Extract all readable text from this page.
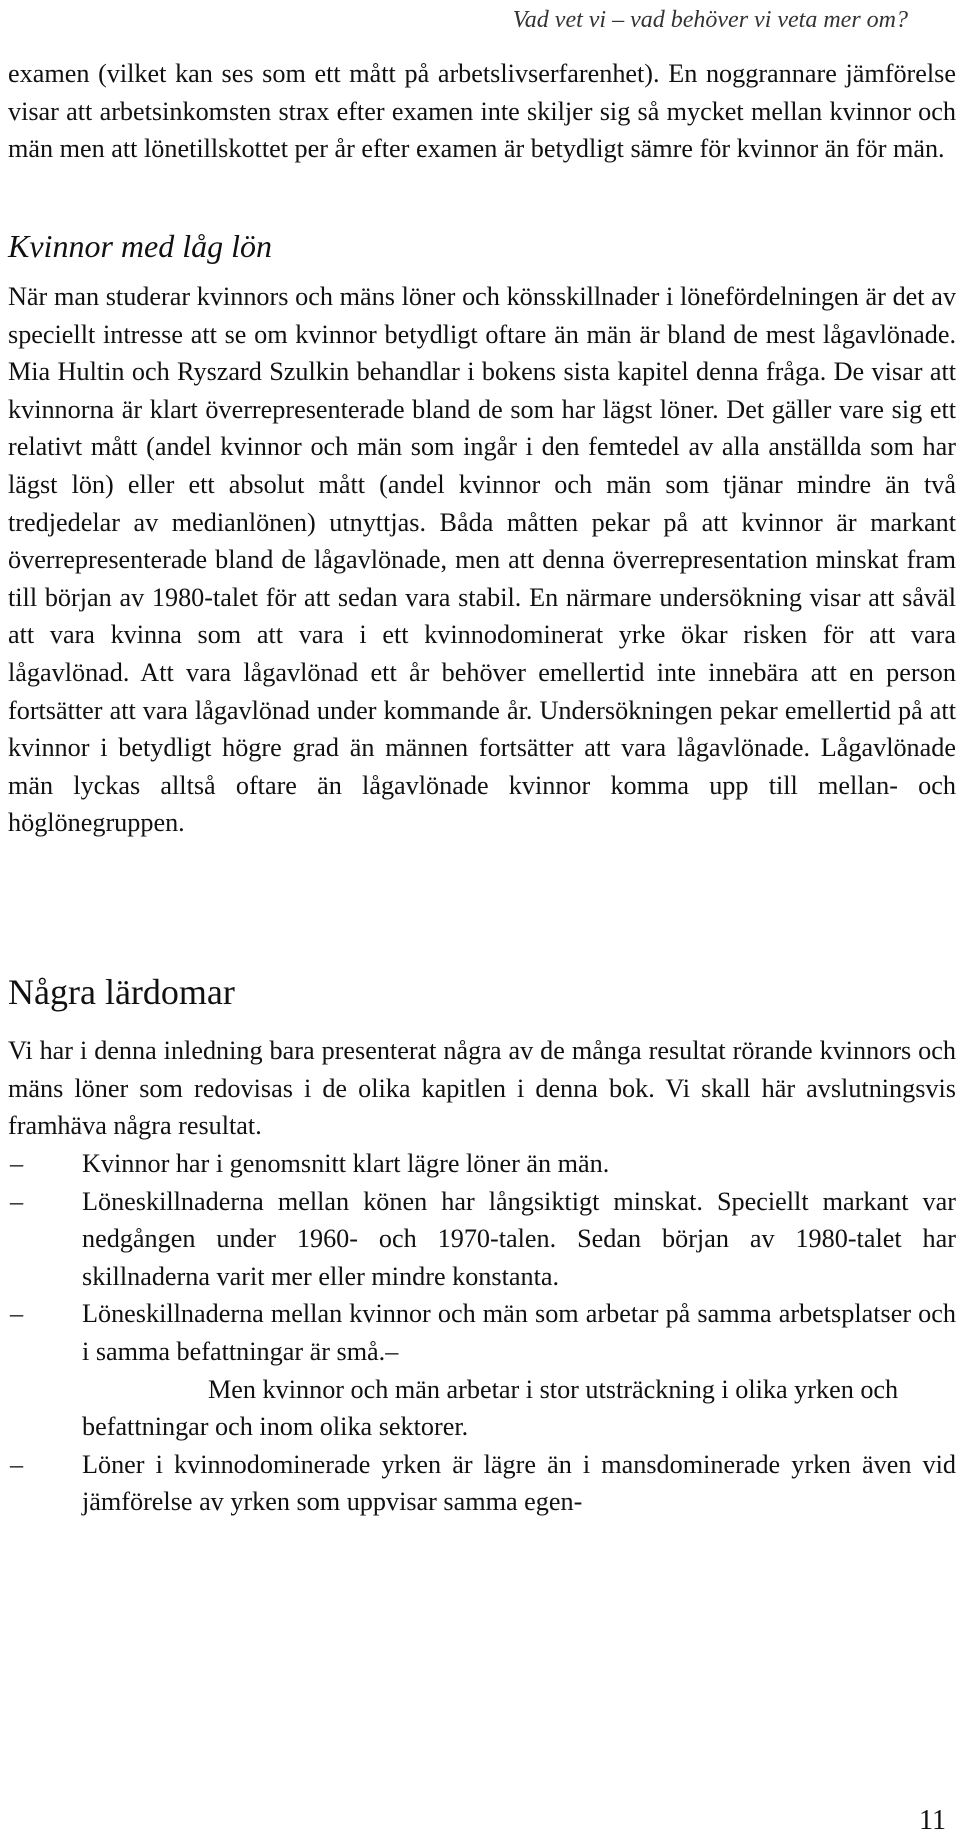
Vad vet vi – vad behöver vi veta mer om?

examen (vilket kan ses som ett mått på arbetslivserfarenhet). En noggrannare jämförelse visar att arbetsinkomsten strax efter examen inte skiljer sig så mycket mellan kvinnor och män men att lönetillskottet per år efter examen är betydligt sämre för kvinnor än för män.

Kvinnor med låg lön

När man studerar kvinnors och mäns löner och könsskillnader i lönefördelningen är det av speciellt intresse att se om kvinnor betydligt oftare än män är bland de mest lågavlönade. Mia Hultin och Ryszard Szulkin behandlar i bokens sista kapitel denna fråga. De visar att kvinnorna är klart överrepresenterade bland de som har lägst löner. Det gäller vare sig ett relativt mått (andel kvinnor och män som ingår i den femtedel av alla anställda som har lägst lön) eller ett absolut mått (andel kvinnor och män som tjänar mindre än två tredjedelar av medianlönen) utnyttjas. Båda måtten pekar på att kvinnor är markant överrepresenterade bland de lågavlönade, men att denna överrepresentation minskat fram till början av 1980-talet för att sedan vara stabil. En närmare undersökning visar att såväl att vara kvinna som att vara i ett kvinnodominerat yrke ökar risken för att vara lågavlönad. Att vara lågavlönad ett år behöver emellertid inte innebära att en person fortsätter att vara lågavlönad under kommande år. Undersökningen pekar emellertid på att kvinnor i betydligt högre grad än männen fortsätter att vara lågavlönade. Lågavlönade män lyckas alltså oftare än lågavlönade kvinnor komma upp till mellan- och höglönegruppen.

Några lärdomar

Vi har i denna inledning bara presenterat några av de många resultat rörande kvinnors och mäns löner som redovisas i de olika kapitlen i denna bok. Vi skall här avslutningsvis framhäva några resultat.

– Kvinnor har i genomsnitt klart lägre löner än män.
– Löneskillnaderna mellan könen har långsiktigt minskat. Speciellt markant var nedgången under 1960- och 1970-talen. Sedan början av 1980-talet har skillnaderna varit mer eller mindre konstanta.
– Löneskillnaderna mellan kvinnor och män som arbetar på samma arbetsplatser och i samma befattningar är små.–
Men kvinnor och män arbetar i stor utsträckning i olika yrken och befattningar och inom olika sektorer.
– Löner i kvinnodominerade yrken är lägre än i mansdominerade yrken även vid jämförelse av yrken som uppvisar samma egen-
11
